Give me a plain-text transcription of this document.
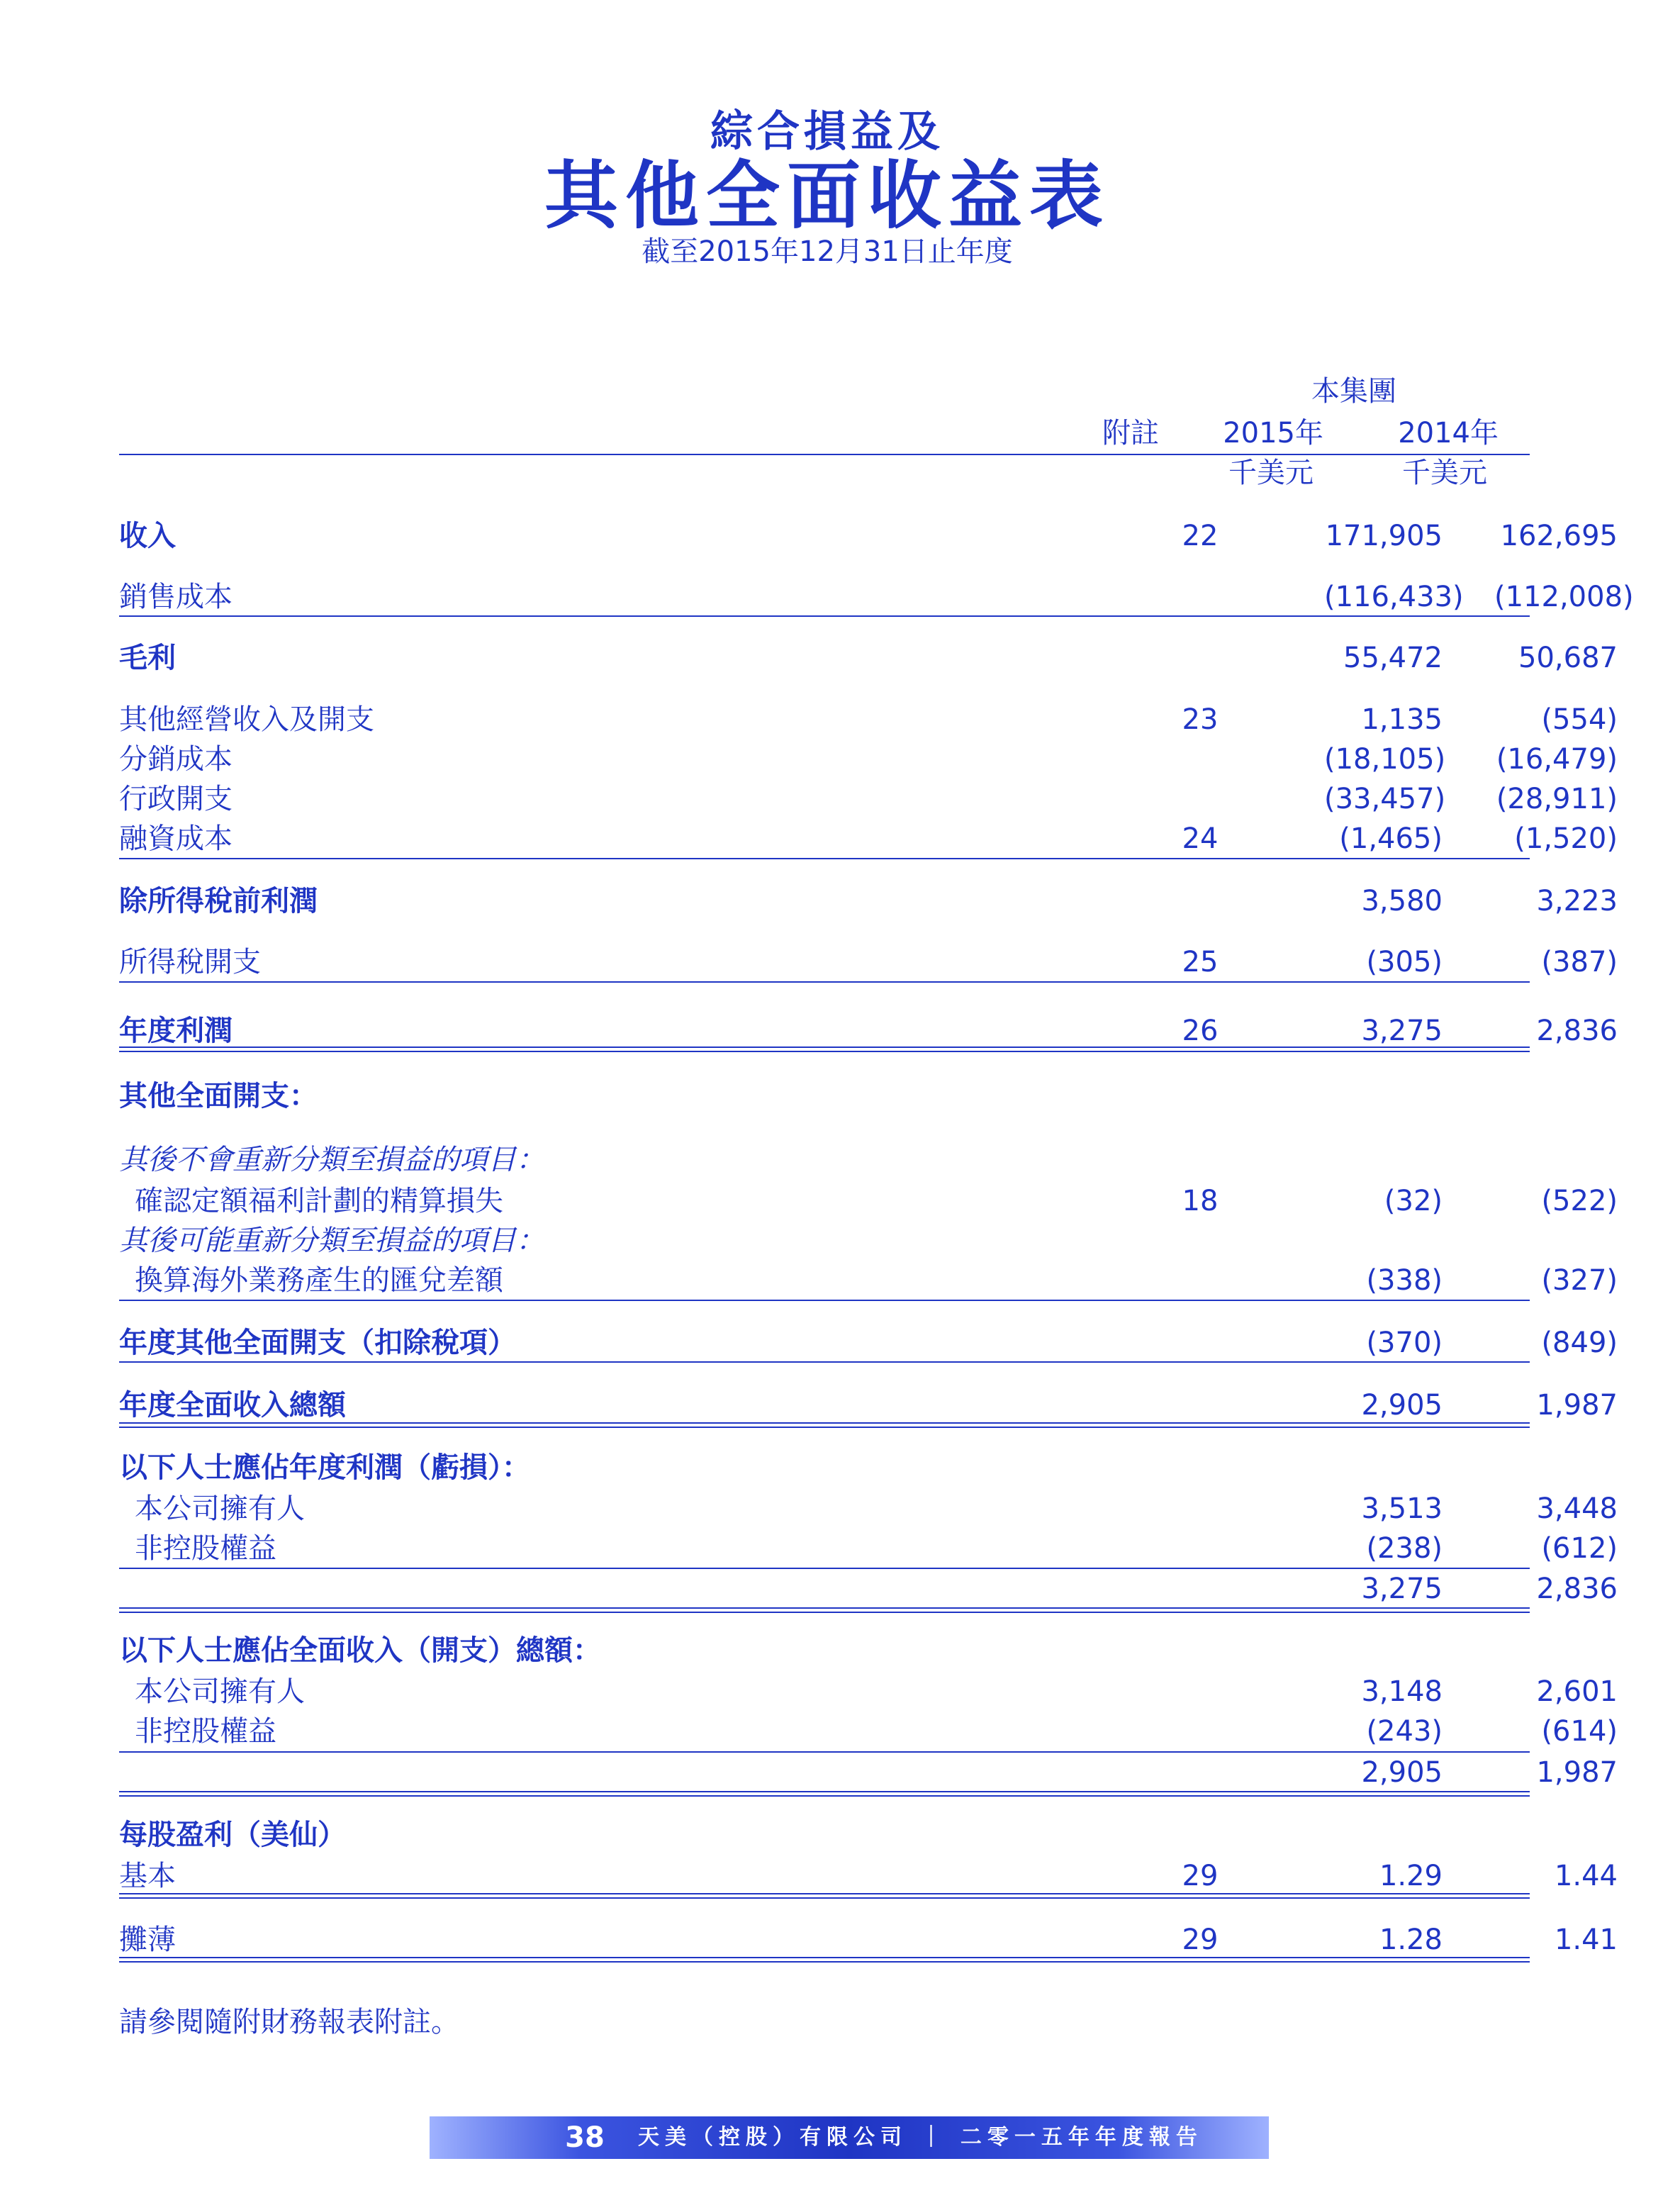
綜合損益及
其他全面收益表
截至2015年12月31日止年度
本集團
附註	2015年	2014年
千美元	千美元
收入	22	171,905 162,695
銷售成本	(116,433) (112,008)
毛利	55,472	50,687
其他經營收入及開支	23	1,135	(554)
分銷成本	(18,105) (16,479)
行政開支	(33,457) (28,911)
融資成本	24	(1,465)	(1,520)
除所得稅前利潤	3,580	3,223
所得稅開支	25	(305)	(387)
年度利潤	26	3,275	2,836
其他全面開支：
其後不會重新分類至損益的項目：
確認定額福利計劃的精算損失	18	(32)	(522)
其後可能重新分類至損益的項目：
換算海外業務產生的匯兌差額	(338)	(327)
年度其他全面開支（扣除稅項）	(370)	(849)
年度全面收入總額	2,905	1,987
以下人士應佔年度利潤（虧損）：
本公司擁有人	3,513	3,448
非控股權益	(238)	(612)
3,275	2,836
以下人士應佔全面收入（開支）總額：
本公司擁有人	3,148	2,601
非控股權益	(243)	(614)
2,905	1,987
每股盈利（美仙）
基本	29	1.29	1.44
攤薄	29	1.28	1.41
請參閱隨附財務報表附註。
38	天美（控股）有限公司 ｜ 二零一五年年度報告
